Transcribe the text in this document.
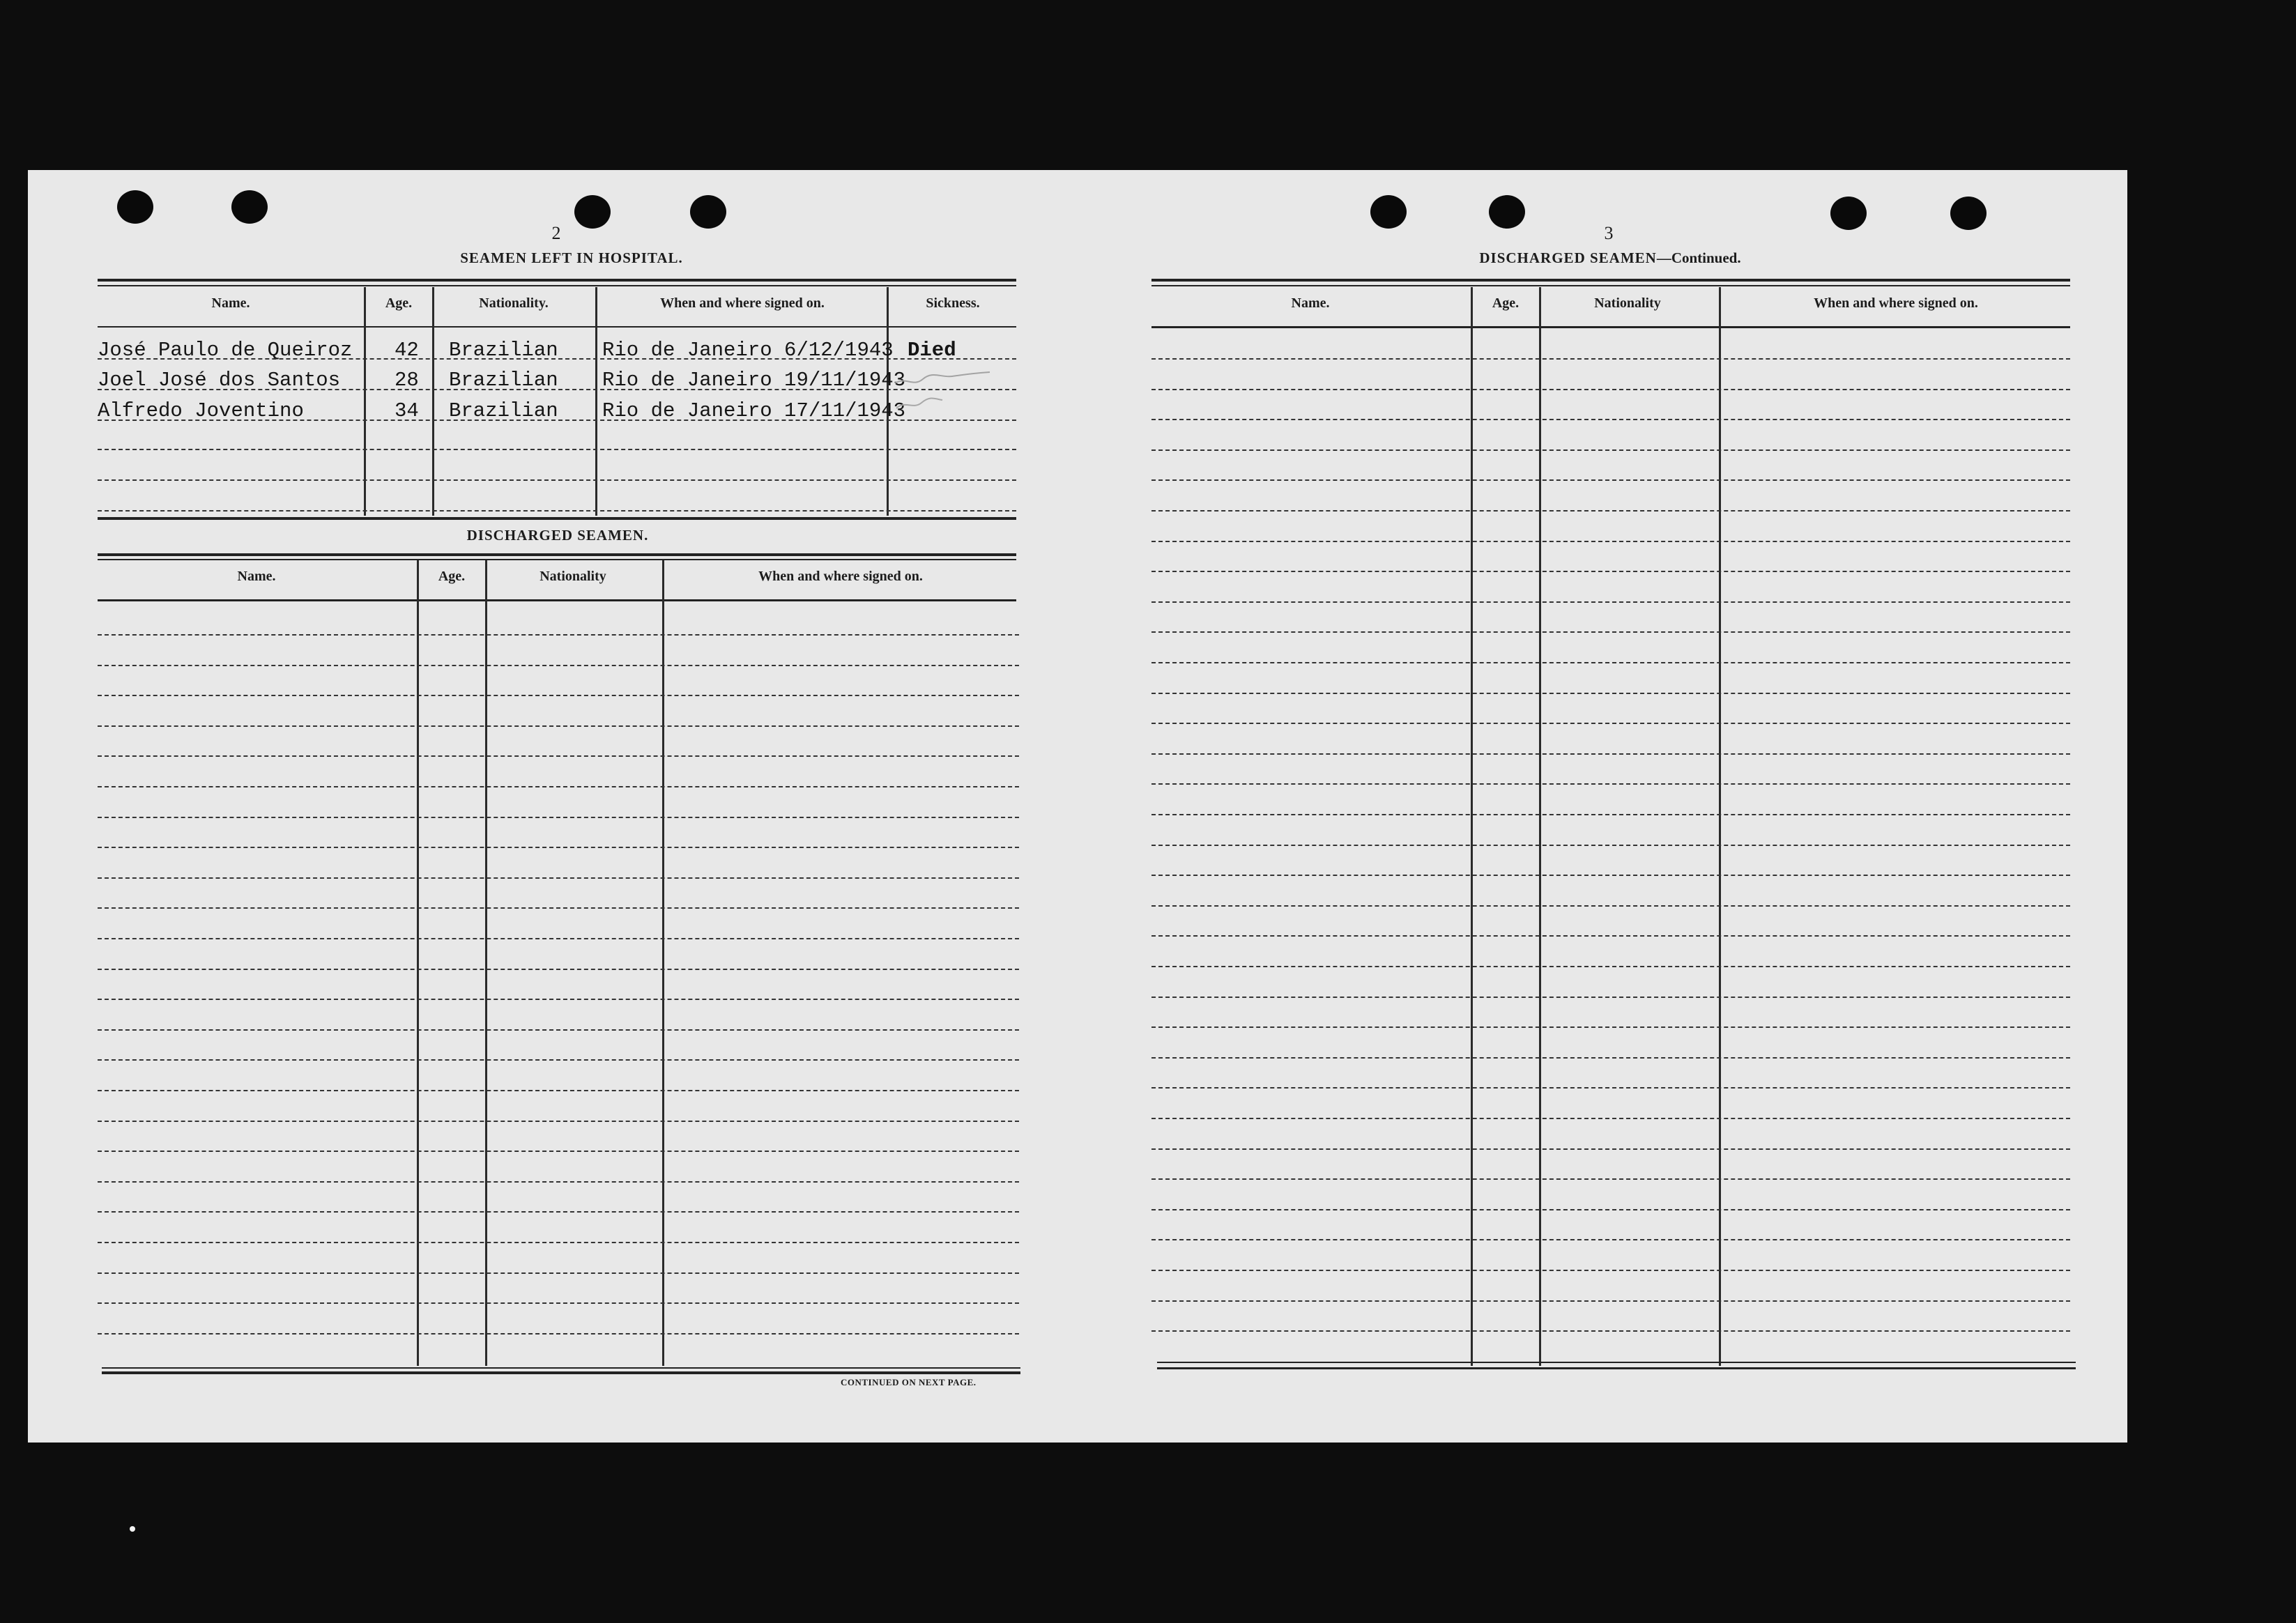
2
SEAMEN LEFT IN HOSPITAL.
Name.	Age.	Nationality.	When and where signed on.	Sickness.
José Paulo de Queiroz 42 Brazilian Rio de Janeiro 6/12/1943 Died
Joel José dos Santos	28 Brazilian Rio de Janeiro 19/11/1943
Alfredo Joventino	34 Brazilian Rio de Janeiro 17/11/1943
DISCHARGED SEAMEN.
Name.	Age.	Nationality	When and where signed on.
CONTINUED ON NEXT PAGE.
3
DISCHARGED SEAMEN—Continued.
Name.	Age.	Nationality	When and where signed on.
